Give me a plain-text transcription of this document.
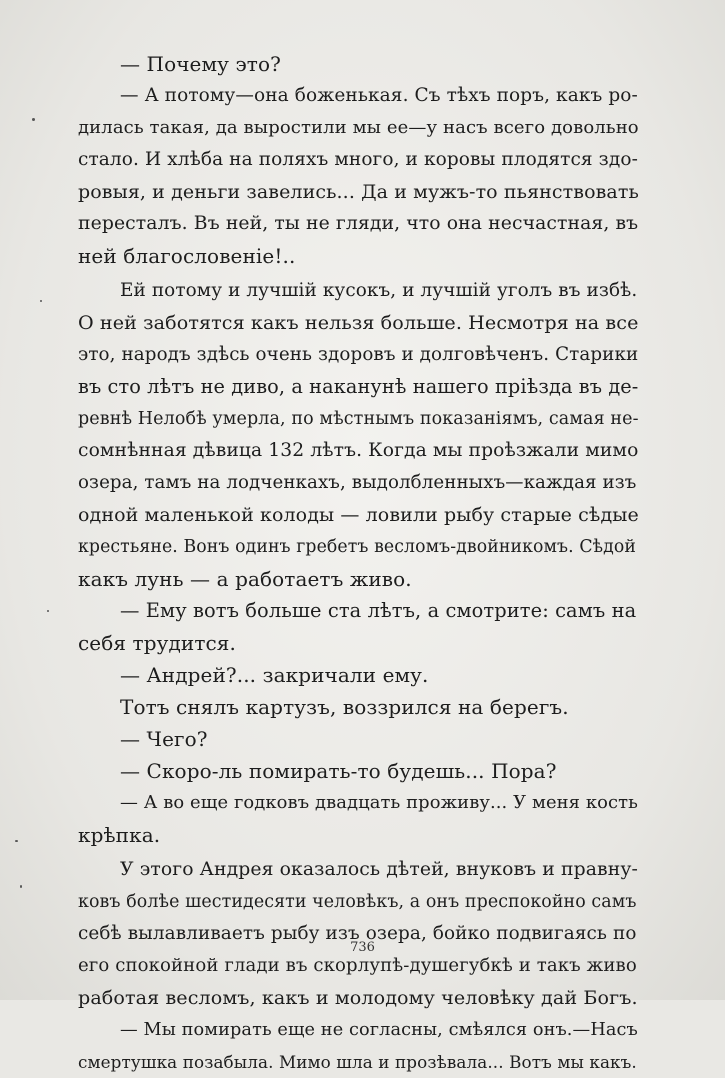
— Почему это?
— А потому—она боженькая. Съ тѣхъ поръ, какъ ро-
дилась такая, да выростили мы ее—у насъ всего довольно
стало. И хлѣба на поляхъ много, и коровы плодятся здо-
ровыя, и деньги завелись... Да и мужъ-то пьянствовать
пересталъ. Въ ней, ты не гляди, что она несчастная, въ
ней благословеніе!..
Ей потому и лучшій кусокъ, и лучшій уголъ въ избѣ.
О ней заботятся какъ нельзя больше. Несмотря на все
это, народъ здѣсь очень здоровъ и долговѣченъ. Старики
въ сто лѣтъ не диво, а наканунѣ нашего пріѣзда въ де-
ревнѣ Нелобѣ умерла, по мѣстнымъ показаніямъ, самая не-
сомнѣнная дѣвица 132 лѣтъ. Когда мы проѣзжали мимо
озера, тамъ на лодченкахъ, выдолбленныхъ—каждая изъ
одной маленькой колоды — ловили рыбу старые сѣдые
крестьяне. Вонъ одинъ гребетъ весломъ-двойникомъ. Сѣдой
какъ лунь — а работаетъ живо.
— Ему вотъ больше ста лѣтъ, а смотрите: самъ на
себя трудится.
— Андрей?... закричали ему.
Тотъ снялъ картузъ, воззрился на берегъ.
— Чего?
— Скоро-ль помирать-то будешь... Пора?
— А во еще годковъ двадцать проживу... У меня кость
крѣпка.
У этого Андрея оказалось дѣтей, внуковъ и правну-
ковъ болѣе шестидесяти человѣкъ, а онъ преспокойно самъ
себѣ вылавливаетъ рыбу изъ озера, бойко подвигаясь по
его спокойной глади въ скорлупѣ-душегубкѣ и такъ живо
работая весломъ, какъ и молодому человѣку дай Богъ.
— Мы помирать еще не согласны, смѣялся онъ.—Насъ
смертушка позабыла. Мимо шла и прозѣвала... Вотъ мы какъ.
736
